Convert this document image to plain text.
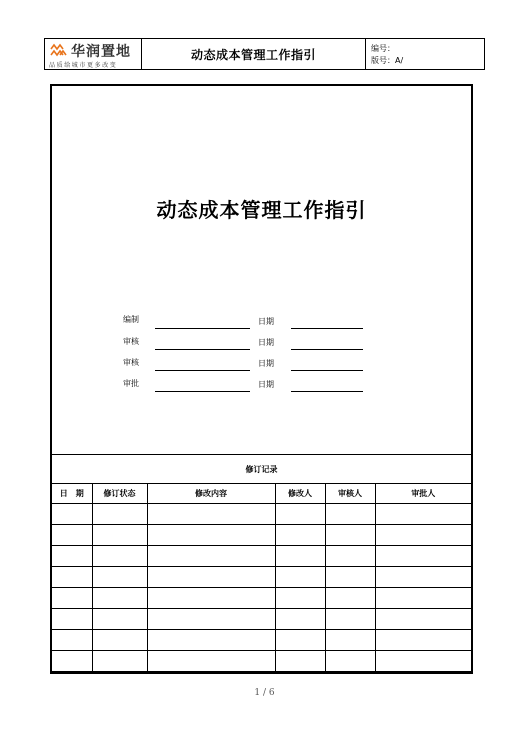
华润置地
品质给城市更多改变
动态成本管理工作指引	编号：
版号：A/
动态成本管理工作指引
编制	日期
审核	日期
审核	日期
审批	日期
修订记录					
日　期	修订状态	修改内容	修改人	审核人	审批人

1 / 6
